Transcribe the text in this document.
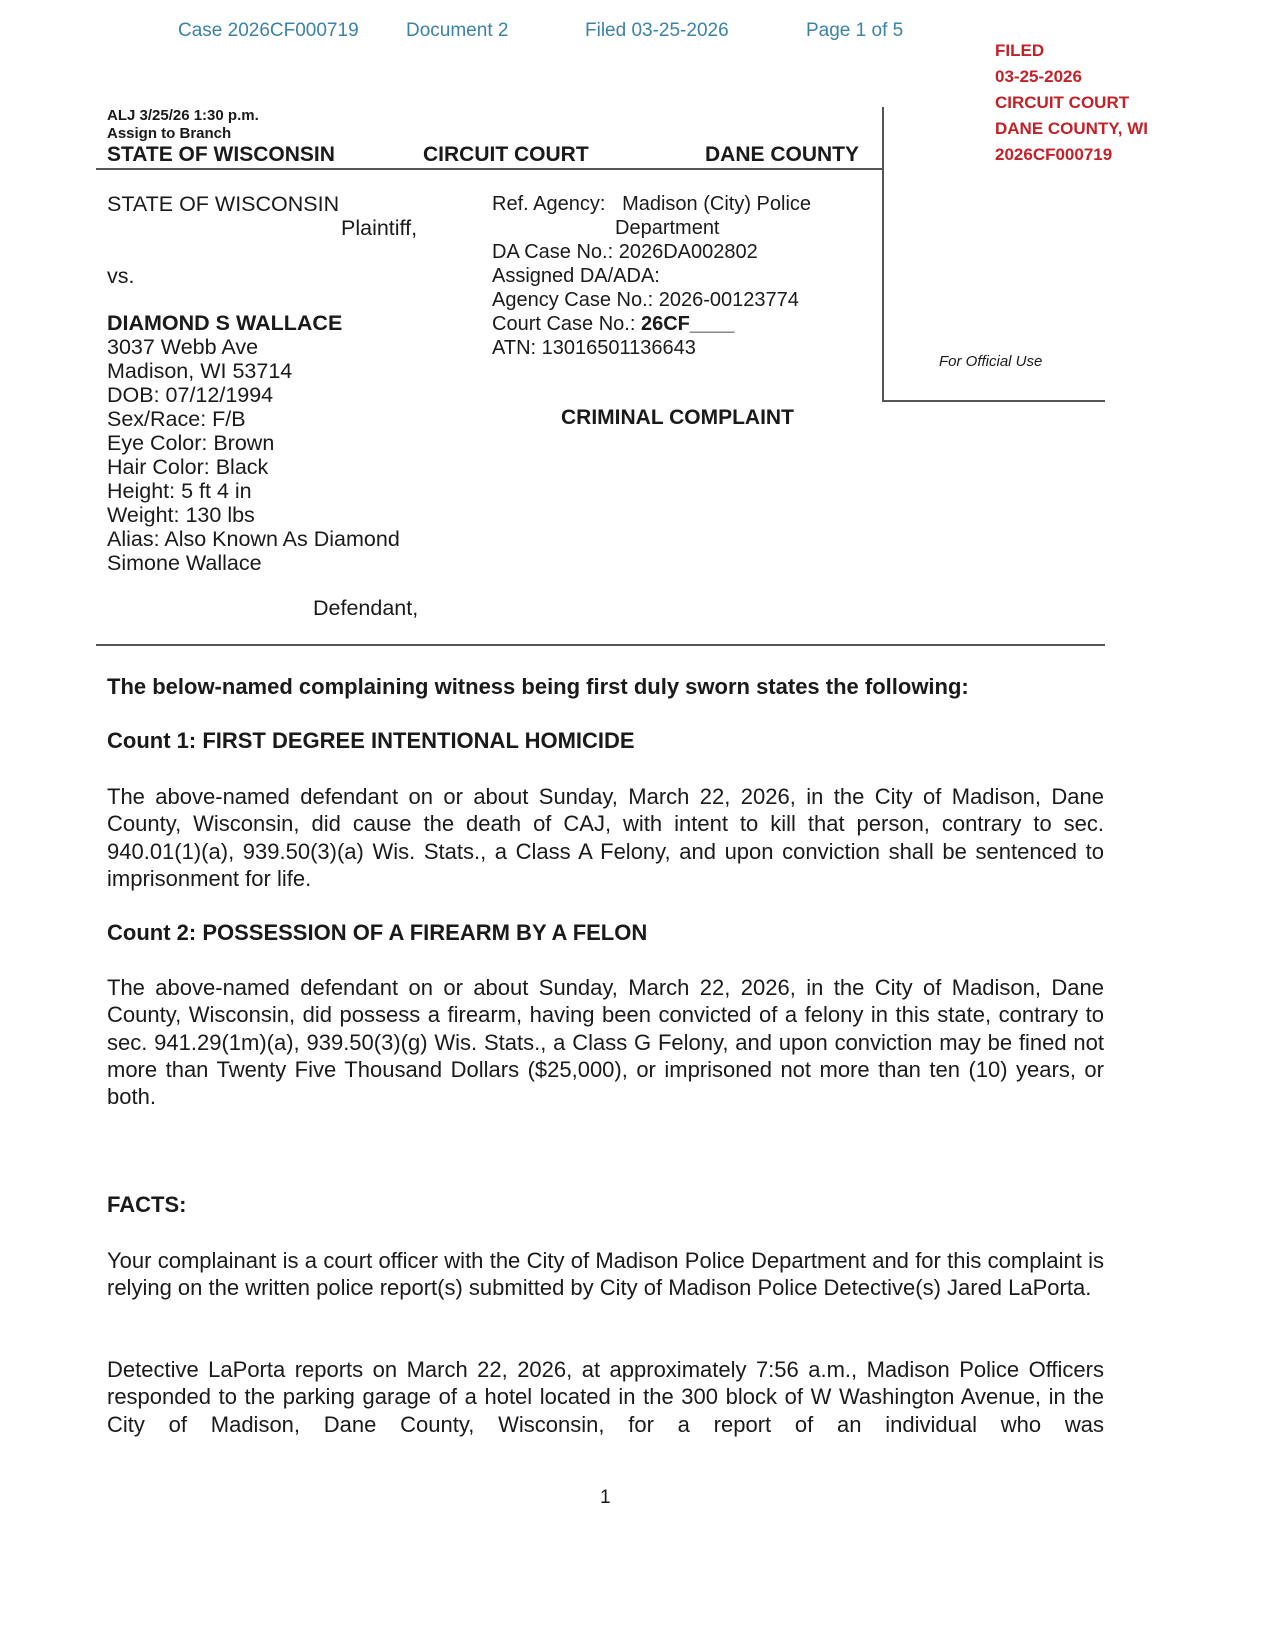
Case 2026CF000719 Document 2	Filed 03-25-2026	Page 1 of 5
FILED
03-25-2026
CIRCUIT COURT
DANE COUNTY, WI
2026CF000719
ALJ 3/25/26 1:30 p.m.
Assign to Branch
STATE OF WISCONSIN	CIRCUIT COURT	DANE COUNTY
For Official Use
STATE OF WISCONSIN
Plaintiff,
vs.
DIAMOND S WALLACE
3037 Webb Ave
Madison, WI 53714
DOB: 07/12/1994
Sex/Race: F/B
Eye Color: Brown
Hair Color: Black
Height: 5 ft 4 in
Weight: 130 lbs
Alias: Also Known As Diamond
Simone Wallace
Defendant,
Ref. Agency:   Madison (City) Police
Department
DA Case No.: 2026DA002802
Assigned DA/ADA:
Agency Case No.: 2026-00123774
Court Case No.: 26CF____
ATN: 13016501136643
CRIMINAL COMPLAINT
The below-named complaining witness being first duly sworn states the following:
Count 1: FIRST DEGREE INTENTIONAL HOMICIDE
The above-named defendant on or about Sunday, March 22, 2026, in the City of Madison, Dane County, Wisconsin, did cause the death of CAJ, with intent to kill that person, contrary to sec. 940.01(1)(a), 939.50(3)(a) Wis. Stats., a Class A Felony, and upon conviction shall be sentenced to imprisonment for life.
Count 2: POSSESSION OF A FIREARM BY A FELON
The above-named defendant on or about Sunday, March 22, 2026, in the City of Madison, Dane County, Wisconsin, did possess a firearm, having been convicted of a felony in this state, contrary to sec. 941.29(1m)(a), 939.50(3)(g) Wis. Stats., a Class G Felony, and upon conviction may be fined not more than Twenty Five Thousand Dollars ($25,000), or imprisoned not more than ten (10) years, or both.
FACTS:
Your complainant is a court officer with the City of Madison Police Department and for this complaint is relying on the written police report(s) submitted by City of Madison Police Detective(s) Jared LaPorta.
Detective LaPorta reports on March 22, 2026, at approximately 7:56 a.m., Madison Police Officers responded to the parking garage of a hotel located in the 300 block of W Washington Avenue, in the City of Madison, Dane County, Wisconsin, for a report of an individual who was
1
